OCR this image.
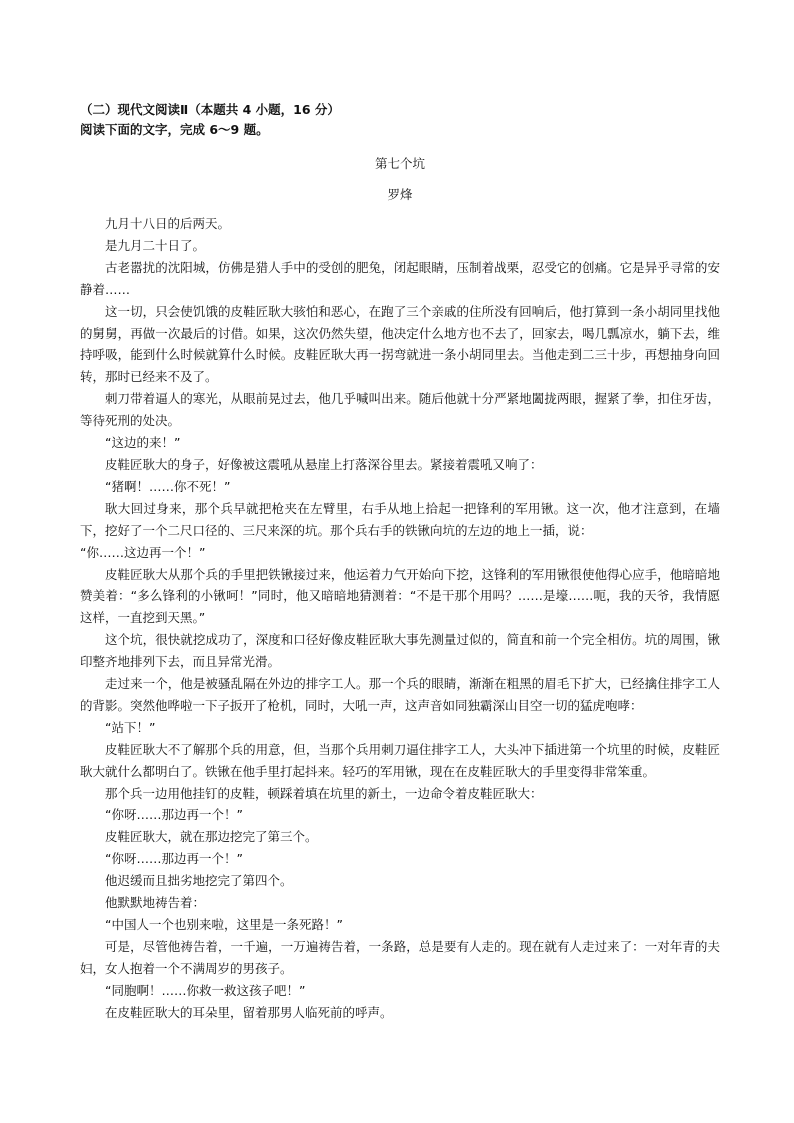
（二）现代文阅读Ⅱ（本题共 4 小题，16 分）
阅读下面的文字，完成 6～9 题。
第七个坑
罗烽

九月十八日的后两天。

是九月二十日了。

古老嚣扰的沈阳城，仿佛是猎人手中的受创的肥兔，闭起眼睛，压制着战栗，忍受它的创痛。它是异乎寻常的安静着……

这一切，只会使饥饿的皮鞋匠耿大骇怕和恶心，在跑了三个亲戚的住所没有回响后，他打算到一条小胡同里找他的舅舅，再做一次最后的讨借。如果，这次仍然失望，他决定什么地方也不去了，回家去，喝几瓢凉水，躺下去，维持呼吸，能到什么时候就算什么时候。皮鞋匠耿大再一拐弯就进一条小胡同里去。当他走到二三十步，再想抽身向回转，那时已经来不及了。

刺刀带着逼人的寒光，从眼前晃过去，他几乎喊叫出来。随后他就十分严紧地闔拢两眼，握紧了拳，扣住牙齿，等待死刑的处决。

“这边的来！”

皮鞋匠耿大的身子，好像被这震吼从悬崖上打落深谷里去。紧接着震吼又响了：

“猪啊！……你不死！”

耿大回过身来，那个兵早就把枪夹在左臂里，右手从地上拾起一把锋利的军用锹。这一次，他才注意到，在墙下，挖好了一个二尺口径的、三尺来深的坑。那个兵右手的铁锹向坑的左边的地上一插，说：

“你……这边再一个！”

皮鞋匠耿大从那个兵的手里把铁锹接过来，他运着力气开始向下挖，这锋利的军用锹很使他得心应手，他暗暗地赞美着：“多么锋利的小锹呵！”同时，他又暗暗地猜测着：“不是干那个用吗？……是壕……呃，我的天爷，我情愿这样，一直挖到天黑。”

这个坑，很快就挖成功了，深度和口径好像皮鞋匠耿大事先测量过似的，简直和前一个完全相仿。坑的周围，锹印整齐地排列下去，而且异常光滑。

走过来一个，他是被骚乱隔在外边的排字工人。那一个兵的眼睛，渐渐在粗黑的眉毛下扩大，已经擒住排字工人的背影。突然他哗啦一下子扳开了枪机，同时，大吼一声，这声音如同独霸深山目空一切的猛虎咆哮：

“站下！”

皮鞋匠耿大不了解那个兵的用意，但，当那个兵用刺刀逼住排字工人，大头冲下插进第一个坑里的时候，皮鞋匠耿大就什么都明白了。铁锹在他手里打起抖来。轻巧的军用锹，现在在皮鞋匠耿大的手里变得非常笨重。

那个兵一边用他挂钉的皮鞋，顿踩着填在坑里的新土，一边命令着皮鞋匠耿大：

“你呀……那边再一个！”

皮鞋匠耿大，就在那边挖完了第三个。

“你呀……那边再一个！”

他迟缓而且拙劣地挖完了第四个。

他默默地祷告着：

“中国人一个也别来啦，这里是一条死路！”

可是，尽管他祷告着，一千遍，一万遍祷告着，一条路，总是要有人走的。现在就有人走过来了：一对年青的夫妇，女人抱着一个不满周岁的男孩子。

“同胞啊！……你救一救这孩子吧！”

在皮鞋匠耿大的耳朵里，留着那男人临死前的呼声。
